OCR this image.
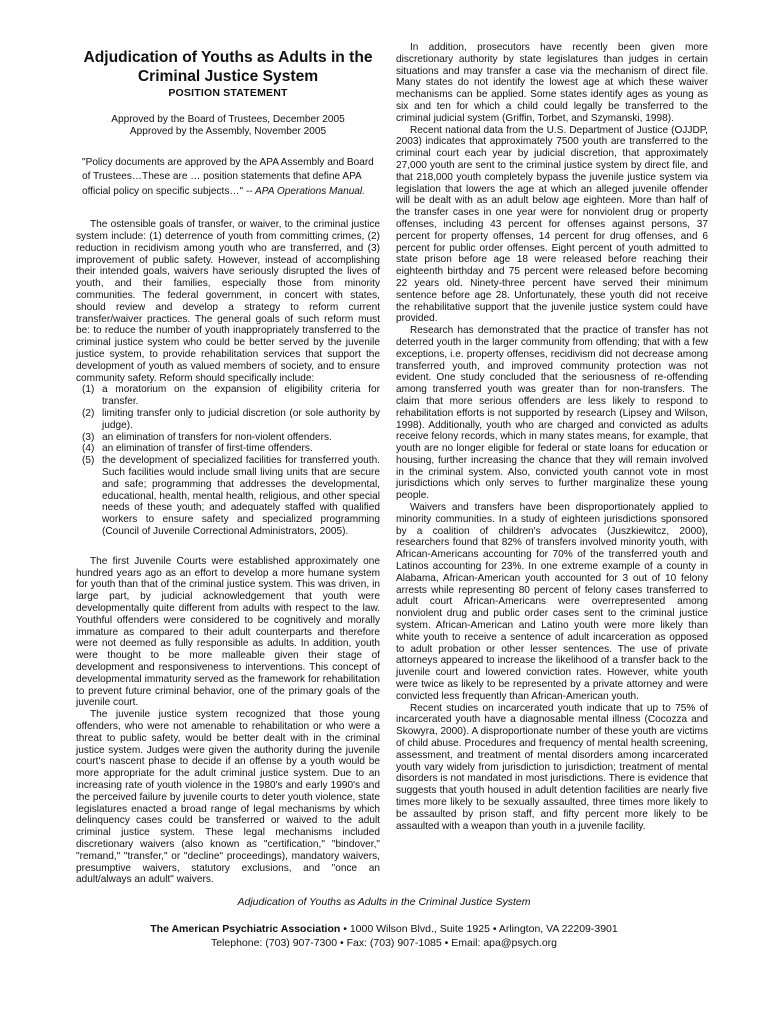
Adjudication of Youths as Adults in the Criminal Justice System
POSITION STATEMENT
Approved by the Board of Trustees, December 2005
Approved by the Assembly, November 2005
"Policy documents are approved by the APA Assembly and Board of Trustees…These are … position statements that define APA official policy on specific subjects…" -- APA Operations Manual.

The ostensible goals of transfer, or waiver, to the criminal justice system include: (1) deterrence of youth from committing crimes, (2) reduction in recidivism among youth who are transferred, and (3) improvement of public safety. However, instead of accomplishing their intended goals, waivers have seriously disrupted the lives of youth, and their families, especially those from minority communities. The federal government, in concert with states, should review and develop a strategy to reform current transfer/waiver practices. The general goals of such reform must be: to reduce the number of youth inappropriately transferred to the criminal justice system who could be better served by the juvenile justice system, to provide rehabilitation services that support the development of youth as valued members of society, and to ensure community safety. Reform should specifically include:

(1) a moratorium on the expansion of eligibility criteria for transfer.
(2) limiting transfer only to judicial discretion (or sole authority by judge).
(3) an elimination of transfers for non-violent offenders.
(4) an elimination of transfer of first-time offenders.
(5) the development of specialized facilities for transferred youth. Such facilities would include small living units that are secure and safe; programming that addresses the developmental, educational, health, mental health, religious, and other special needs of these youth; and adequately staffed with qualified workers to ensure safety and specialized programming (Council of Juvenile Correctional Administrators, 2005).

The first Juvenile Courts were established approximately one hundred years ago as an effort to develop a more humane system for youth than that of the criminal justice system. This was driven, in large part, by judicial acknowledgement that youth were developmentally quite different from adults with respect to the law. Youthful offenders were considered to be cognitively and morally immature as compared to their adult counterparts and therefore were not deemed as fully responsible as adults. In addition, youth were thought to be more malleable given their stage of development and responsiveness to interventions. This concept of developmental immaturity served as the framework for rehabilitation to prevent future criminal behavior, one of the primary goals of the juvenile court.

The juvenile justice system recognized that those young offenders, who were not amenable to rehabilitation or who were a threat to public safety, would be better dealt with in the criminal justice system. Judges were given the authority during the juvenile court's nascent phase to decide if an offense by a youth would be more appropriate for the adult criminal justice system. Due to an increasing rate of youth violence in the 1980's and early 1990's and the perceived failure by juvenile courts to deter youth violence, state legislatures enacted a broad range of legal mechanisms by which delinquency cases could be transferred or waived to the adult criminal justice system. These legal mechanisms included discretionary waivers (also known as "certification," "bindover," "remand," "transfer," or "decline" proceedings), mandatory waivers, presumptive waivers, statutory exclusions, and "once an adult/always an adult" waivers.

In addition, prosecutors have recently been given more discretionary authority by state legislatures than judges in certain situations and may transfer a case via the mechanism of direct file. Many states do not identify the lowest age at which these waiver mechanisms can be applied. Some states identify ages as young as six and ten for which a child could legally be transferred to the criminal judicial system (Griffin, Torbet, and Szymanski, 1998).

Recent national data from the U.S. Department of Justice (OJJDP, 2003) indicates that approximately 7500 youth are transferred to the criminal court each year by judicial discretion, that approximately 27,000 youth are sent to the criminal justice system by direct file, and that 218,000 youth completely bypass the juvenile justice system via legislation that lowers the age at which an alleged juvenile offender will be dealt with as an adult below age eighteen. More than half of the transfer cases in one year were for nonviolent drug or property offenses, including 43 percent for offenses against persons, 37 percent for property offenses, 14 percent for drug offenses, and 6 percent for public order offenses. Eight percent of youth admitted to state prison before age 18 were released before reaching their eighteenth birthday and 75 percent were released before becoming 22 years old. Ninety-three percent have served their minimum sentence before age 28. Unfortunately, these youth did not receive the rehabilitative support that the juvenile justice system could have provided.

Research has demonstrated that the practice of transfer has not deterred youth in the larger community from offending; that with a few exceptions, i.e. property offenses, recidivism did not decrease among transferred youth, and improved community protection was not evident. One study concluded that the seriousness of re-offending among transferred youth was greater than for non-transfers. The claim that more serious offenders are less likely to respond to rehabilitation efforts is not supported by research (Lipsey and Wilson, 1998). Additionally, youth who are charged and convicted as adults receive felony records, which in many states means, for example, that youth are no longer eligible for federal or state loans for education or housing, further increasing the chance that they will remain involved in the criminal system. Also, convicted youth cannot vote in most jurisdictions which only serves to further marginalize these young people.

Waivers and transfers have been disproportionately applied to minority communities. In a study of eighteen jurisdictions sponsored by a coalition of children's advocates (Juszkiewitcz, 2000), researchers found that 82% of transfers involved minority youth, with African-Americans accounting for 70% of the transferred youth and Latinos accounting for 23%. In one extreme example of a county in Alabama, African-American youth accounted for 3 out of 10 felony arrests while representing 80 percent of felony cases transferred to adult court African-Americans were overrepresented among nonviolent drug and public order cases sent to the criminal justice system. African-American and Latino youth were more likely than white youth to receive a sentence of adult incarceration as opposed to adult probation or other lesser sentences. The use of private attorneys appeared to increase the likelihood of a transfer back to the juvenile court and lowered conviction rates. However, white youth were twice as likely to be represented by a private attorney and were convicted less frequently than African-American youth.

Recent studies on incarcerated youth indicate that up to 75% of incarcerated youth have a diagnosable mental illness (Cocozza and Skowyra, 2000). A disproportionate number of these youth are victims of child abuse. Procedures and frequency of mental health screening, assessment, and treatment of mental disorders among incarcerated youth vary widely from jurisdiction to jurisdiction; treatment of mental disorders is not mandated in most jurisdictions. There is evidence that suggests that youth housed in adult detention facilities are nearly five times more likely to be sexually assaulted, three times more likely to be assaulted by prison staff, and fifty percent more likely to be assaulted with a weapon than youth in a juvenile facility.

Adjudication of Youths as Adults in the Criminal Justice System
The American Psychiatric Association • 1000 Wilson Blvd., Suite 1925 • Arlington, VA 22209-3901
Telephone: (703) 907-7300 • Fax: (703) 907-1085 • Email: apa@psych.org
